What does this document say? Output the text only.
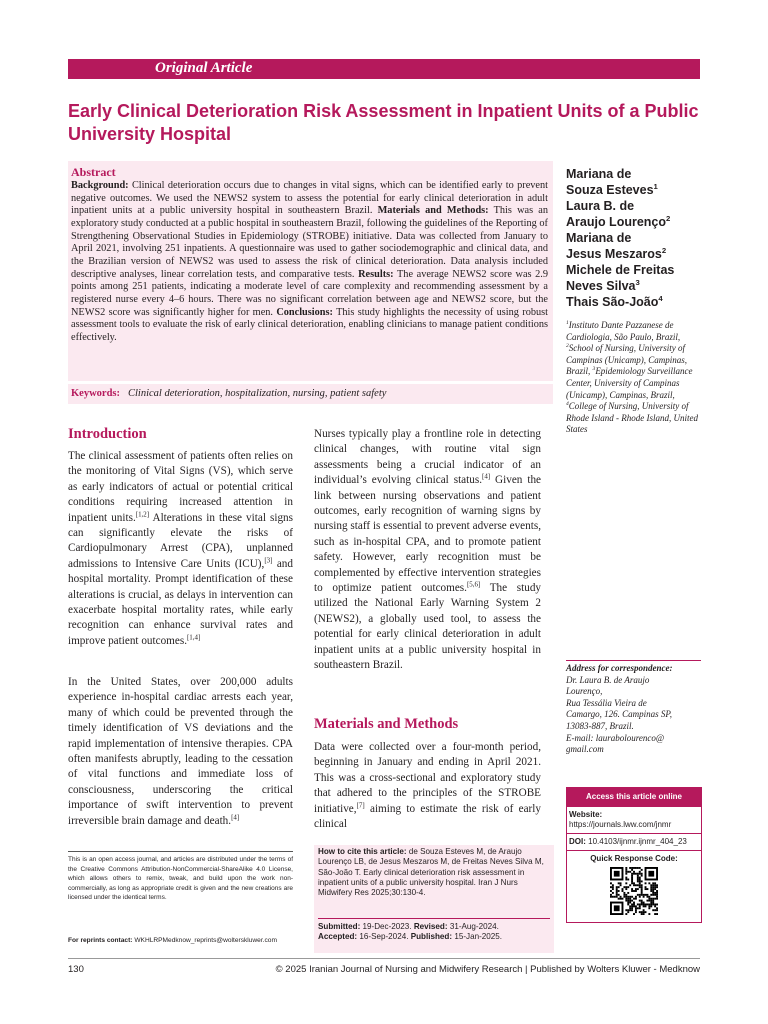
Original Article
Early Clinical Deterioration Risk Assessment in Inpatient Units of a Public University Hospital
Abstract
Background: Clinical deterioration occurs due to changes in vital signs, which can be identified early to prevent negative outcomes. We used the NEWS2 system to assess the potential for early clinical deterioration in adult inpatient units at a public university hospital in southeastern Brazil. Materials and Methods: This was an exploratory study conducted at a public hospital in southeastern Brazil, following the guidelines of the Reporting of Strengthening Observational Studies in Epidemiology (STROBE) initiative. Data was collected from January to April 2021, involving 251 inpatients. A questionnaire was used to gather sociodemographic and clinical data, and the Brazilian version of NEWS2 was used to assess the risk of clinical deterioration. Data analysis included descriptive analyses, linear correlation tests, and comparative tests. Results: The average NEWS2 score was 2.9 points among 251 patients, indicating a moderate level of care complexity and recommending assessment by a registered nurse every 4–6 hours. There was no significant correlation between age and NEWS2 score, but the NEWS2 score was significantly higher for men. Conclusions: This study highlights the necessity of using robust assessment tools to evaluate the risk of early clinical deterioration, enabling clinicians to manage patient conditions effectively.
Keywords: Clinical deterioration, hospitalization, nursing, patient safety
Mariana de
Souza Esteves$^1$
Laura B. de
Araujo Lourenço$^2$
Mariana de
Jesus Meszaros$^2$
Michele de Freitas
Neves Silva$^3$
Thais São-João$^4$
$^1$Instituto Dante Pazzanese de Cardiologia, São Paulo, Brazil, $^2$School of Nursing, University of Campinas (Unicamp), Campinas, Brazil, $^3$Epidemiology Surveillance Center, University of Campinas (Unicamp), Campinas, Brazil, $^4$College of Nursing, University of Rhode Island - Rhode Island, United States
Address for correspondence:
Dr. Laura B. de Araujo
Lourenço,
Rua Tessália Vieira de
Camargo, 126. Campinas SP,
13083-887, Brazil.
E-mail: laurabolourenco@
gmail.com
Access this article online
Website: https://journals.lww.com/jnmr
DOI: 10.4103/ijnmr.ijnmr_404_23
Quick Response Code:
Introduction
The clinical assessment of patients often relies on the monitoring of Vital Signs (VS), which serve as early indicators of actual or potential critical conditions requiring increased attention in inpatient units.[1,2] Alterations in these vital signs can significantly elevate the risks of Cardiopulmonary Arrest (CPA), unplanned admissions to Intensive Care Units (ICU),[3] and hospital mortality. Prompt identification of these alterations is crucial, as delays in intervention can exacerbate hospital mortality rates, while early recognition can enhance survival rates and improve patient outcomes.[1,4]
In the United States, over 200,000 adults experience in-hospital cardiac arrests each year, many of which could be prevented through the timely identification of VS deviations and the rapid implementation of intensive therapies. CPA often manifests abruptly, leading to the cessation of vital functions and immediate loss of consciousness, underscoring the critical importance of swift intervention to prevent irreversible brain damage and death.[4]
Nurses typically play a frontline role in detecting clinical changes, with routine vital sign assessments being a crucial indicator of an individual’s evolving clinical status.[4] Given the link between nursing observations and patient outcomes, early recognition of warning signs by nursing staff is essential to prevent adverse events, such as in-hospital CPA, and to promote patient safety. However, early recognition must be complemented by effective intervention strategies to optimize patient outcomes.[5,6] The study utilized the National Early Warning System 2 (NEWS2), a globally used tool, to assess the potential for early clinical deterioration in adult inpatient units at a public university hospital in southeastern Brazil.
Materials and Methods
Data were collected over a four-month period, beginning in January and ending in April 2021. This was a cross-sectional and exploratory study that adhered to the principles of the STROBE initiative,[7] aiming to estimate the risk of early clinical
This is an open access journal, and articles are distributed under the terms of the Creative Commons Attribution-NonCommercial-ShareAlike 4.0 License, which allows others to remix, tweak, and build upon the work non-commercially, as long as appropriate credit is given and the new creations are licensed under the identical terms.
For reprints contact: WKHLRPMedknow_reprints@wolterskluwer.com
How to cite this article: de Souza Esteves M, de Araujo Lourenço LB, de Jesus Meszaros M, de Freitas Neves Silva M, São-João T. Early clinical deterioration risk assessment in inpatient units of a public university hospital. Iran J Nurs Midwifery Res 2025;30:130-4.
Submitted: 19-Dec-2023. Revised: 31-Aug-2024.
Accepted: 16-Sep-2024. Published: 15-Jan-2025.
130	© 2025 Iranian Journal of Nursing and Midwifery Research | Published by Wolters Kluwer - Medknow
